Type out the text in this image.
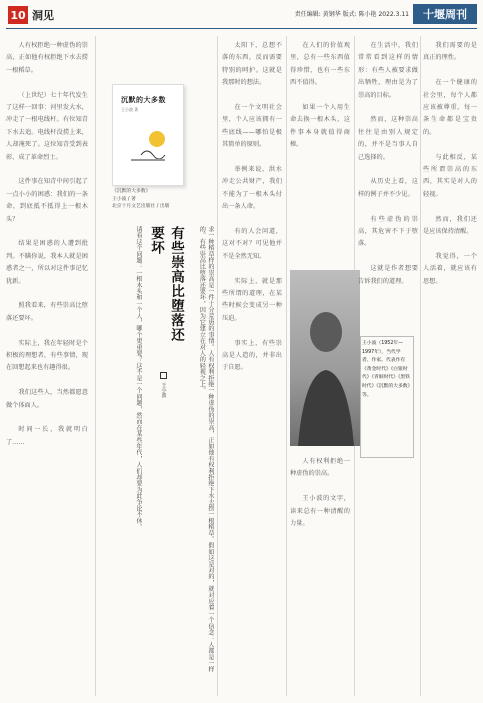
10 洞见	责任编辑: 黄钢华 版式: 陈小艳 2022.3.11	十堰周刊

人有权拒绝一种虚伪的崇高，正如他有权拒绝下水去捞一根稻草。

（上世纪）七十年代发生了这样一回事：河里发大水，冲走了一根电线杆。有位知青下水去追。电线杆没捞上来，人却淹死了。这位知青受到表彰，成了革命烈士。

这件事在知青中间引起了一点小小的困惑：我们的一条命，到底抵不抵得上一根木头？

结果是困惑的人遭到批判。不瞒你说，我本人就是困惑者之一，所以对这件事记忆犹新。

照我看来，有些崇高比堕落还要坏。

实际上，我在年轻时是个积极的理想者，有些事情，现在回想起来也有趣得很。

我们这些人，当然都愿意做个体面人。

时间一长，我就明白了……

沉默的大多数
王小波 著
《沉默的大多数》
王小波 / 著
北京十月文艺出版社 / 出版
有些崇高比堕落还要坏
王小波	求一种稻草样的崇高是一件十分荒唐的事情。人有权利拒绝一种虚伪的崇高，正如他有权利拒绝下水去捞一根稻草。假如这是对的，就对应着一个信念：人都是一样的。有些崇高比堕落还要坏，因为它建立在对人的轻视之上。
请看这个问题：一根木头和一个人，哪个更重要？这不是一个问题，然而在某些年代，人们却要为此争论不休。

太阳下，总想不落的东西，反而需要特别的呵护。这就是我那时的想法。

在一个文明社会里，个人应该拥有一些底线——哪怕是极其简单的原则。

举例来说，洪水冲走公共财产，我们不能为了一根木头付出一条人命。

有的人会问道，这对不对？可见他并不是全然无知。

实际上，就是那些所谓的道理，在某些时候会变成另一种压迫。

事实上，有些崇高是人造的，并非出于自愿。

在人们的价值观里，总有一些东西值得珍惜，也有一些东西不值得。

如果一个人用生命去换一根木头，这件事本身就值得商榷。

王小波（1952年—1997年），当代学者、作家。代表作有《黄金时代》《白银时代》《青铜时代》《黑铁时代》《沉默的大多数》等。

人有权利拒绝一种虚伪的崇高。

王小波的文字，读来总有一种清醒的力量。

在生活中，我们常常看到这样的情形：有些人被要求做出牺牲，理由是为了崇高的目标。

然而，这种崇高往往是由别人规定的，并不是当事人自己选择的。

从历史上看，这样的例子并不少见。

有些虚伪的崇高，其危害不下于堕落。

这就是作者想要告诉我们的道理。

我们需要的是真正的理性。

在一个健康的社会里，每个人都应该被尊重，每一条生命都是宝贵的。

与此相反，某些所谓崇高的东西，其实是对人的轻视。

然而，我们还是应该保持清醒。

我觉得，一个人活着，就应该有思想。
